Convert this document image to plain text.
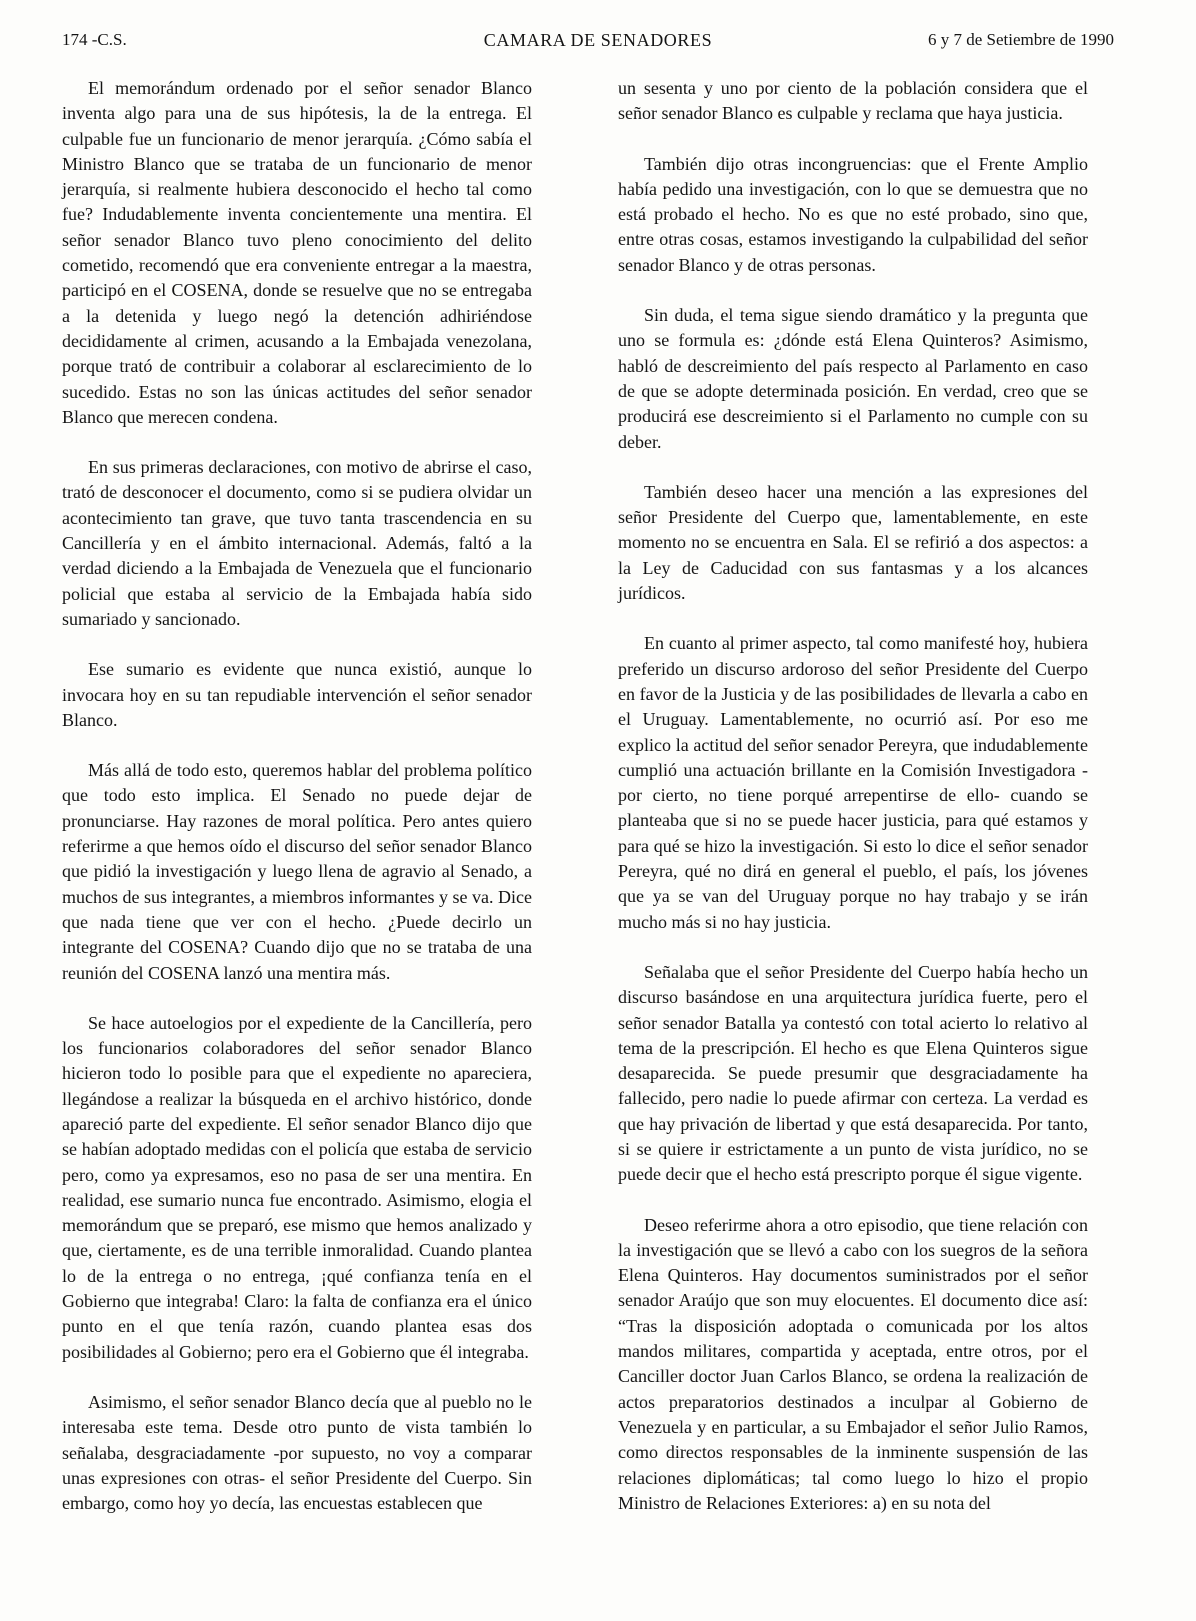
174 -C.S.	CAMARA DE SENADORES	6 y 7 de Setiembre de 1990

El memorándum ordenado por el señor senador Blanco inventa algo para una de sus hipótesis, la de la entrega. El culpable fue un funcionario de menor jerarquía. ¿Cómo sabía el Ministro Blanco que se trataba de un funcionario de menor jerarquía, si realmente hubiera desconocido el hecho tal como fue? Indudablemente inventa concientemente una mentira. El señor senador Blanco tuvo pleno conocimiento del delito cometido, recomendó que era conveniente entregar a la maestra, participó en el COSENA, donde se resuelve que no se entregaba a la detenida y luego negó la detención adhiriéndose decididamente al crimen, acusando a la Embajada venezolana, porque trató de contribuir a colaborar al esclarecimiento de lo sucedido. Estas no son las únicas actitudes del señor senador Blanco que merecen condena.

En sus primeras declaraciones, con motivo de abrirse el caso, trató de desconocer el documento, como si se pudiera olvidar un acontecimiento tan grave, que tuvo tanta trascendencia en su Cancillería y en el ámbito internacional. Además, faltó a la verdad diciendo a la Embajada de Venezuela que el funcionario policial que estaba al servicio de la Embajada había sido sumariado y sancionado.

Ese sumario es evidente que nunca existió, aunque lo invocara hoy en su tan repudiable intervención el señor senador Blanco.

Más allá de todo esto, queremos hablar del problema político que todo esto implica. El Senado no puede dejar de pronunciarse. Hay razones de moral política. Pero antes quiero referirme a que hemos oído el discurso del señor senador Blanco que pidió la investigación y luego llena de agravio al Senado, a muchos de sus integrantes, a miembros informantes y se va. Dice que nada tiene que ver con el hecho. ¿Puede decirlo un integrante del COSENA? Cuando dijo que no se trataba de una reunión del COSENA lanzó una mentira más.

Se hace autoelogios por el expediente de la Cancillería, pero los funcionarios colaboradores del señor senador Blanco hicieron todo lo posible para que el expediente no apareciera, llegándose a realizar la búsqueda en el archivo histórico, donde apareció parte del expediente. El señor senador Blanco dijo que se habían adoptado medidas con el policía que estaba de servicio pero, como ya expresamos, eso no pasa de ser una mentira. En realidad, ese sumario nunca fue encontrado. Asimismo, elogia el memorándum que se preparó, ese mismo que hemos analizado y que, ciertamente, es de una terrible inmoralidad. Cuando plantea lo de la entrega o no entrega, ¡qué confianza tenía en el Gobierno que integraba! Claro: la falta de confianza era el único punto en el que tenía razón, cuando plantea esas dos posibilidades al Gobierno; pero era el Gobierno que él integraba.

Asimismo, el señor senador Blanco decía que al pueblo no le interesaba este tema. Desde otro punto de vista también lo señalaba, desgraciadamente -por supuesto, no voy a comparar unas expresiones con otras- el señor Presidente del Cuerpo. Sin embargo, como hoy yo decía, las encuestas establecen que

un sesenta y uno por ciento de la población considera que el señor senador Blanco es culpable y reclama que haya justicia.

También dijo otras incongruencias: que el Frente Amplio había pedido una investigación, con lo que se demuestra que no está probado el hecho. No es que no esté probado, sino que, entre otras cosas, estamos investigando la culpabilidad del señor senador Blanco y de otras personas.

Sin duda, el tema sigue siendo dramático y la pregunta que uno se formula es: ¿dónde está Elena Quinteros? Asimismo, habló de descreimiento del país respecto al Parlamento en caso de que se adopte determinada posición. En verdad, creo que se producirá ese descreimiento si el Parlamento no cumple con su deber.

También deseo hacer una mención a las expresiones del señor Presidente del Cuerpo que, lamentablemente, en este momento no se encuentra en Sala. El se refirió a dos aspectos: a la Ley de Caducidad con sus fantasmas y a los alcances jurídicos.

En cuanto al primer aspecto, tal como manifesté hoy, hubiera preferido un discurso ardoroso del señor Presidente del Cuerpo en favor de la Justicia y de las posibilidades de llevarla a cabo en el Uruguay. Lamentablemente, no ocurrió así. Por eso me explico la actitud del señor senador Pereyra, que indudablemente cumplió una actuación brillante en la Comisión Investigadora -por cierto, no tiene porqué arrepentirse de ello- cuando se planteaba que si no se puede hacer justicia, para qué estamos y para qué se hizo la investigación. Si esto lo dice el señor senador Pereyra, qué no dirá en general el pueblo, el país, los jóvenes que ya se van del Uruguay porque no hay trabajo y se irán mucho más si no hay justicia.

Señalaba que el señor Presidente del Cuerpo había hecho un discurso basándose en una arquitectura jurídica fuerte, pero el señor senador Batalla ya contestó con total acierto lo relativo al tema de la prescripción. El hecho es que Elena Quinteros sigue desaparecida. Se puede presumir que desgraciadamente ha fallecido, pero nadie lo puede afirmar con certeza. La verdad es que hay privación de libertad y que está desaparecida. Por tanto, si se quiere ir estrictamente a un punto de vista jurídico, no se puede decir que el hecho está prescripto porque él sigue vigente.

Deseo referirme ahora a otro episodio, que tiene relación con la investigación que se llevó a cabo con los suegros de la señora Elena Quinteros. Hay documentos suministrados por el señor senador Araújo que son muy elocuentes. El documento dice así: “Tras la disposición adoptada o comunicada por los altos mandos militares, compartida y aceptada, entre otros, por el Canciller doctor Juan Carlos Blanco, se ordena la realización de actos preparatorios destinados a inculpar al Gobierno de Venezuela y en particular, a su Embajador el señor Julio Ramos, como directos responsables de la inminente suspensión de las relaciones diplomáticas; tal como luego lo hizo el propio Ministro de Relaciones Exteriores: a) en su nota del
